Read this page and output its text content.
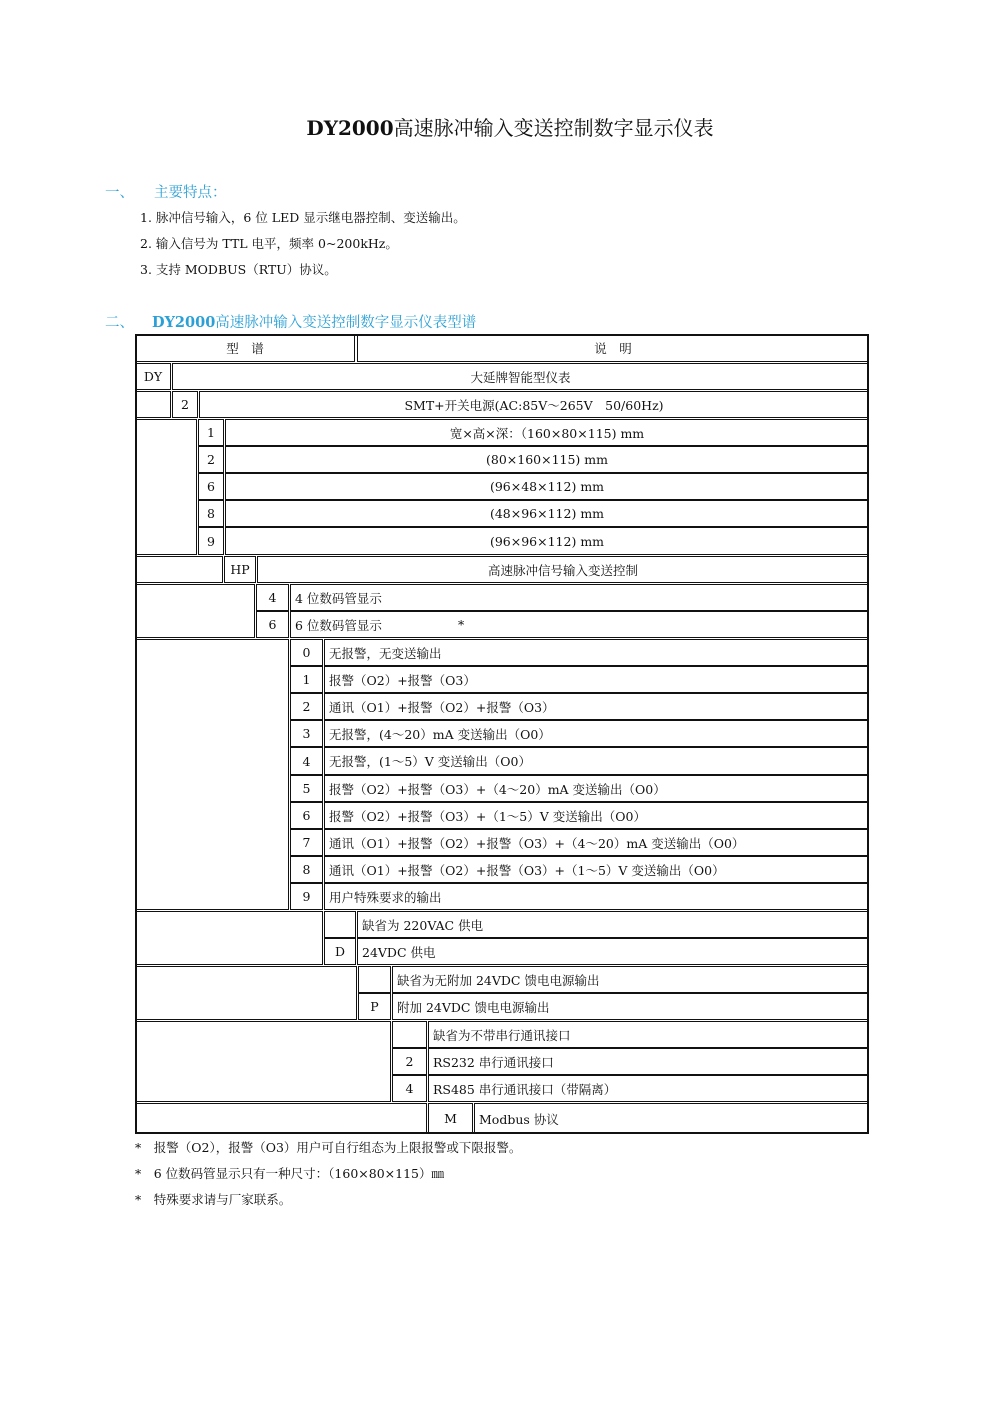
DY2000高速脉冲输入变送控制数字显示仪表
一、 主要特点：
1. 脉冲信号输入，6 位 LED 显示继电器控制、变送输出。
2. 输入信号为 TTL 电平，频率 0~200kHz。
3. 支持 MODBUS（RTU）协议。
二、 DY2000高速脉冲输入变送控制数字显示仪表型谱
型　谱	说　明
DY	大延牌智能型仪表
2	SMT+开关电源(AC:85V～265V　50/60Hz)
1	宽×高×深：（160×80×115) mm
2	(80×160×115) mm
6	(96×48×112) mm
8	(48×96×112) mm
9	(96×96×112) mm
HP	高速脉冲信号输入变送控制
4	4 位数码管显示
6	6 位数码管显示	*
0	无报警，无变送输出
1	报警（O2）+报警（O3）
2	通讯（O1）+报警（O2）+报警（O3）
3	无报警，(4～20）mA 变送输出（O0）
4	无报警，(1～5）V 变送输出（O0）
5	报警（O2）+报警（O3）+（4～20）mA 变送输出（O0）
6	报警（O2）+报警（O3）+（1～5）V 变送输出（O0）
7	通讯（O1）+报警（O2）+报警（O3）+（4～20）mA 变送输出（O0）
8	通讯（O1）+报警（O2）+报警（O3）+（1～5）V 变送输出（O0）
9	用户特殊要求的输出
缺省为 220VAC 供电
D	24VDC 供电
缺省为无附加 24VDC 馈电电源输出
P	附加 24VDC 馈电电源输出
缺省为不带串行通讯接口
2	RS232 串行通讯接口
4	RS485 串行通讯接口（带隔离）
M	Modbus 协议
*　报警（O2），报警（O3）用户可自行组态为上限报警或下限报警。
*　6 位数码管显示只有一种尺寸：（160×80×115）㎜
*　特殊要求请与厂家联系。
